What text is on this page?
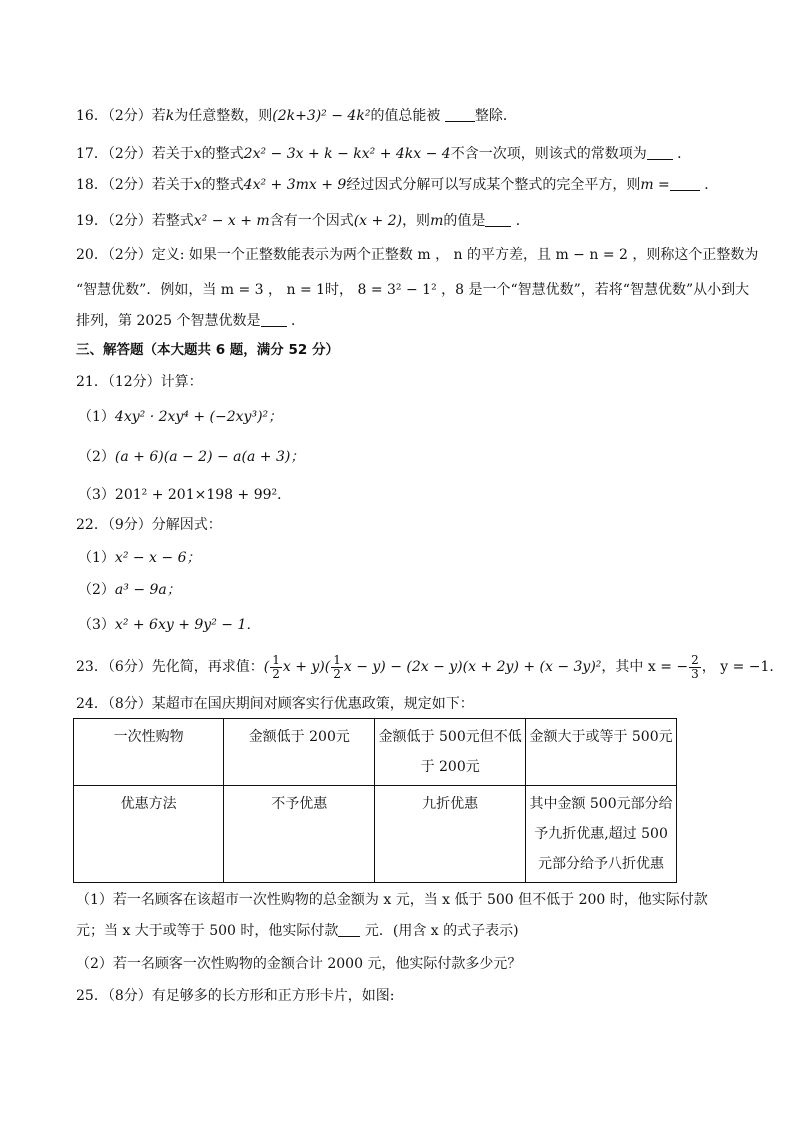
16．（2分）若k为任意整数，则(2k+3)² − 4k²的值总能被 整除．
17．（2分）若关于x的整式2x² − 3x + k − kx² + 4kx − 4不含一次项，则该式的常数项为 ．
18．（2分）若关于x的整式4x² + 3mx + 9经过因式分解可以写成某个整式的完全平方，则m = ．
19．（2分）若整式x² − x + m含有一个因式(x + 2)，则m的值是 ．
20．（2分）定义: 如果一个正整数能表示为两个正整数 m ， n 的平方差，且 m − n = 2 ，则称这个正整数为
“智慧优数”．例如，当 m = 3 ， n = 1时， 8 = 3² − 1² ，8 是一个“智慧优数”，若将“智慧优数”从小到大
排列，第 2025 个智慧优数是 ．
三、解答题（本大题共 6 题，满分 52 分）
21．（12分）计算：
（1）4xy² · 2xy⁴ + (−2xy³)²；
（2）(a + 6)(a − 2) − a(a + 3)；
（3）201² + 201×198 + 99²．
22．（9分）分解因式：
（1）x² − x − 6；
（2）a³ − 9a；
（3）x² + 6xy + 9y² − 1．
23．（6分）先化简，再求值：( $\frac{1}{2}$ $x + y)( \frac{1}{2}$ x − y) − (2x − y)(x + 2y) + (x − 3y)²，其中 x = − $\frac{2}{3}$ ， y = −1．
24．（8分）某超市在国庆期间对顾客实行优惠政策，规定如下：
一次性购物	金额低于 200元	金额低于 500元但不低于 200元	金额大于或等于 500元
优惠方法	不予优惠	九折优惠	其中金额 500元部分给予九折优惠,超过 500元部分给予八折优惠
（1）若一名顾客在该超市一次性购物的总金额为 x 元，当 x 低于 500 但不低于 200 时，他实际付款
元；当 x 大于或等于 500 时，他实际付款 元．(用含 x 的式子表示)
（2）若一名顾客一次性购物的金额合计 2000 元，他实际付款多少元？
25．（8分）有足够多的长方形和正方形卡片，如图:
